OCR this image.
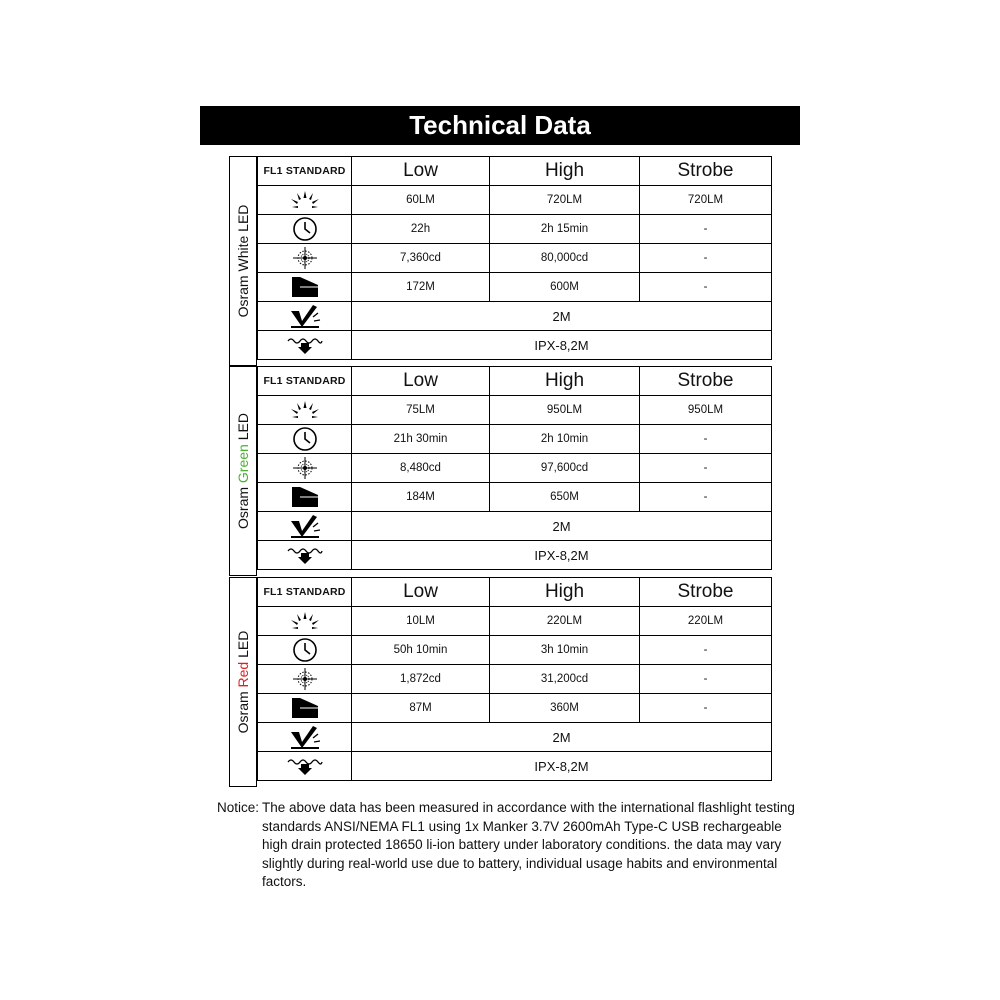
Technical Data
Osram White LED
FL1 STANDARD	Low	High	Strobe

	60LM	720LM	720LM

	22h	2h 15min	-

	7,360cd	80,000cd	-

	172M	600M	-

	2M		

	IPX-8,2M		
Osram Green LED
FL1 STANDARD	Low	High	Strobe

	75LM	950LM	950LM

	21h 30min	2h 10min	-

	8,480cd	97,600cd	-

	184M	650M	-

	2M		

	IPX-8,2M		
Osram Red LED
FL1 STANDARD	Low	High	Strobe

	10LM	220LM	220LM

	50h 10min	3h 10min	-

	1,872cd	31,200cd	-

	87M	360M	-

	2M		

	IPX-8,2M		
Notice: The above data has been measured in accordance with the international flashlight testing standards ANSI/NEMA FL1 using 1x Manker 3.7V 2600mAh Type-C USB rechargeable high drain protected 18650 li-ion battery under laboratory conditions. the data may vary slightly during real-world use due to battery, individual usage habits and environmental factors.
